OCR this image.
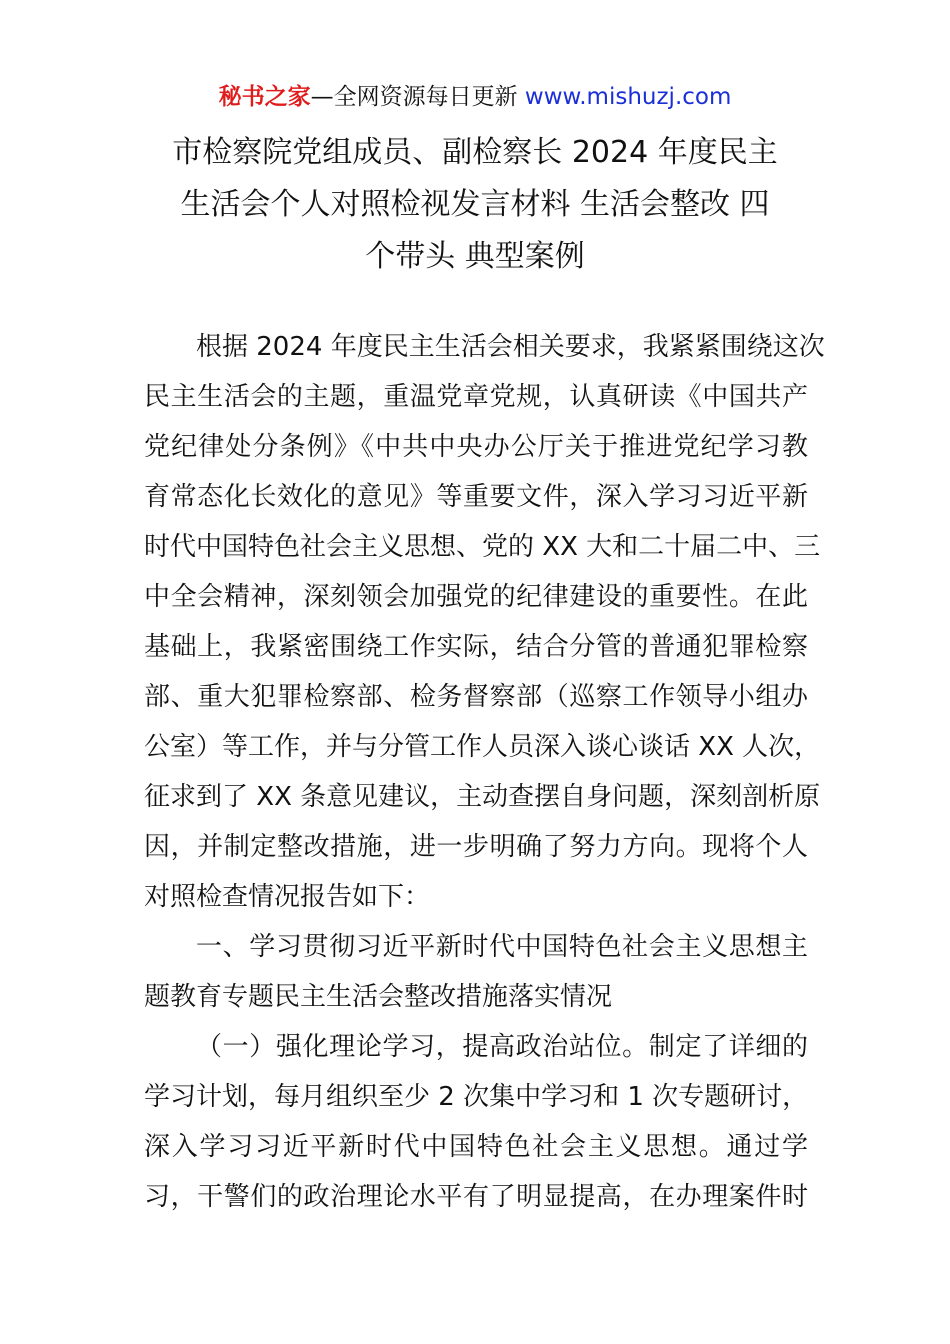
秘书之家—全网资源每日更新 www.mishuzj.com
市检察院党组成员、副检察长 2024 年度民主
生活会个人对照检视发言材料 生活会整改 四
个带头 典型案例
根据 2024 年度民主生活会相关要求，我紧紧围绕这次
民主生活会的主题，重温党章党规，认真研读《中国共产
党纪律处分条例》《中共中央办公厅关于推进党纪学习教
育常态化长效化的意见》等重要文件，深入学习习近平新
时代中国特色社会主义思想、党的 XX 大和二十届二中、三
中全会精神，深刻领会加强党的纪律建设的重要性。在此
基础上，我紧密围绕工作实际，结合分管的普通犯罪检察
部、重大犯罪检察部、检务督察部（巡察工作领导小组办
公室）等工作，并与分管工作人员深入谈心谈话 XX 人次，
征求到了 XX 条意见建议，主动查摆自身问题，深刻剖析原
因，并制定整改措施，进一步明确了努力方向。现将个人
对照检查情况报告如下：
一、学习贯彻习近平新时代中国特色社会主义思想主
题教育专题民主生活会整改措施落实情况
（一）强化理论学习，提高政治站位。制定了详细的
学习计划，每月组织至少 2 次集中学习和 1 次专题研讨，
深入学习习近平新时代中国特色社会主义思想。通过学
习，干警们的政治理论水平有了明显提高，在办理案件时
